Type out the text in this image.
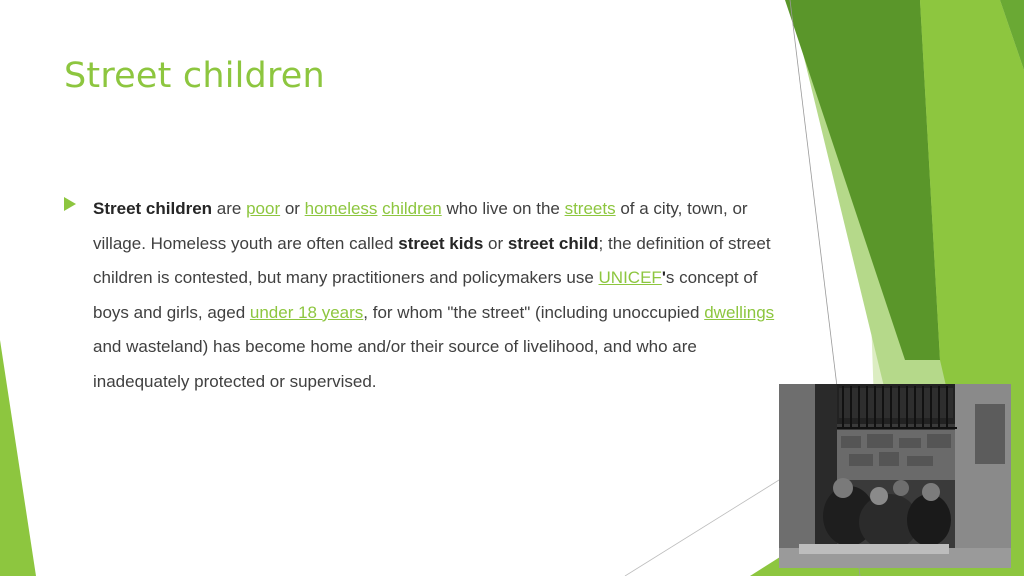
Street children

Street children are poor or homeless children who live on the streets of a city, town, or village. Homeless youth are often called street kids or street child; the definition of street children is contested, but many practitioners and policymakers use UNICEF's concept of boys and girls, aged under 18 years, for whom "the street" (including unoccupied dwellings and wasteland) has become home and/or their source of livelihood, and who are inadequately protected or supervised.
